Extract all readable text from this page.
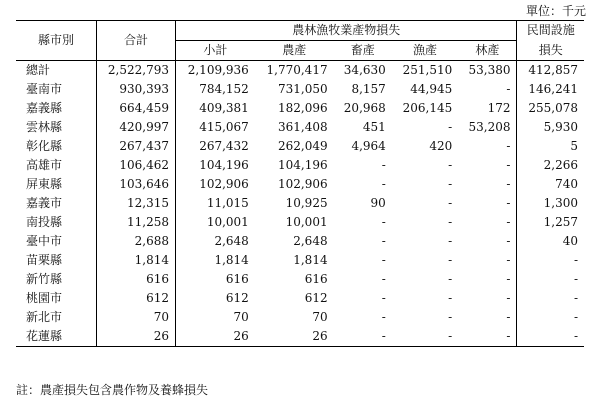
單位：千元
縣市別	合計	農林漁牧業產物損失					民間設施
		小計	農產	畜產	漁產	林產	損失
總計	2,522,793	2,109,936	1,770,417	34,630	251,510	53,380	412,857
臺南市	930,393	784,152	731,050	8,157	44,945	-	146,241
嘉義縣	664,459	409,381	182,096	20,968	206,145	172	255,078
雲林縣	420,997	415,067	361,408	451	-	53,208	5,930
彰化縣	267,437	267,432	262,049	4,964	420	-	5
高雄市	106,462	104,196	104,196	-	-	-	2,266
屏東縣	103,646	102,906	102,906	-	-	-	740
嘉義市	12,315	11,015	10,925	90	-	-	1,300
南投縣	11,258	10,001	10,001	-	-	-	1,257
臺中市	2,688	2,648	2,648	-	-	-	40
苗栗縣	1,814	1,814	1,814	-	-	-	-
新竹縣	616	616	616	-	-	-	-
桃園市	612	612	612	-	-	-	-
新北市	70	70	70	-	-	-	-
花蓮縣	26	26	26	-	-	-	-
註：農產損失包含農作物及養蜂損失
